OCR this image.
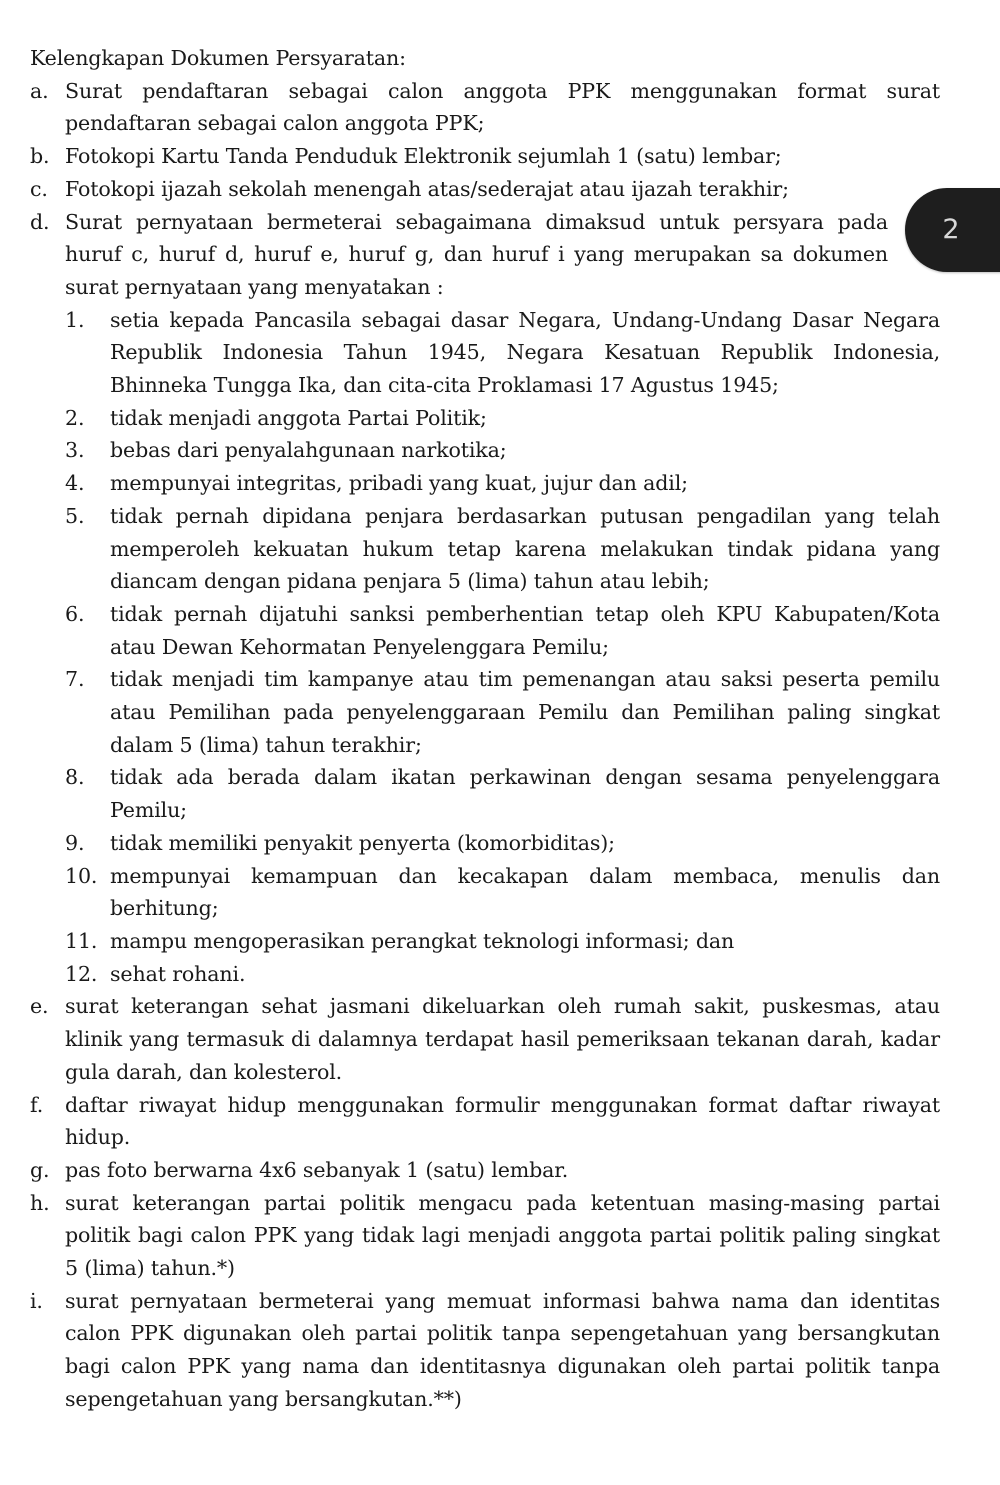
Kelengkapan Dokumen Persyaratan:

a. Surat pendaftaran sebagai calon anggota PPK menggunakan format surat pendaftaran sebagai calon anggota PPK;
b. Fotokopi Kartu Tanda Penduduk Elektronik sejumlah 1 (satu) lembar;
c. Fotokopi ijazah sekolah menengah atas/sederajat atau ijazah terakhir;
d. Surat pernyataan bermeterai sebagaimana dimaksud untuk persyara pada huruf c, huruf d, huruf e, huruf g, dan huruf i yang merupakan sa dokumen surat pernyataan yang menyatakan :
1.	setia kepada Pancasila sebagai dasar Negara, Undang-Undang Dasar Negara Republik Indonesia Tahun 1945, Negara Kesatuan Republik Indonesia, Bhinneka Tungga Ika, dan cita-cita Proklamasi 17 Agustus 1945;
2.	tidak menjadi anggota Partai Politik;
3.	bebas dari penyalahgunaan narkotika;
4.	mempunyai integritas, pribadi yang kuat, jujur dan adil;
5.	tidak pernah dipidana penjara berdasarkan putusan pengadilan yang telah memperoleh kekuatan hukum tetap karena melakukan tindak pidana yang diancam dengan pidana penjara 5 (lima) tahun atau lebih;
6.	tidak pernah dijatuhi sanksi pemberhentian tetap oleh KPU Kabupaten/Kota atau Dewan Kehormatan Penyelenggara Pemilu;
7.	tidak menjadi tim kampanye atau tim pemenangan atau saksi peserta pemilu atau Pemilihan pada penyelenggaraan Pemilu dan Pemilihan paling singkat dalam 5 (lima) tahun terakhir;
8.	tidak ada berada dalam ikatan perkawinan dengan sesama penyelenggara Pemilu;
9.	tidak memiliki penyakit penyerta (komorbiditas);
10. mempunyai kemampuan dan kecakapan dalam membaca, menulis dan berhitung;
11. mampu mengoperasikan perangkat teknologi informasi; dan
12. sehat rohani.
e. surat keterangan sehat jasmani dikeluarkan oleh rumah sakit, puskesmas, atau klinik yang termasuk di dalamnya terdapat hasil pemeriksaan tekanan darah, kadar gula darah, dan kolesterol.
f.	daftar riwayat hidup menggunakan formulir menggunakan format daftar riwayat hidup.
g. pas foto berwarna 4x6 sebanyak 1 (satu) lembar.
h. surat keterangan partai politik mengacu pada ketentuan masing-masing partai politik bagi calon PPK yang tidak lagi menjadi anggota partai politik paling singkat 5 (lima) tahun.*)
i.	surat pernyataan bermeterai yang memuat informasi bahwa nama dan identitas calon PPK digunakan oleh partai politik tanpa sepengetahuan yang bersangkutan bagi calon PPK yang nama dan identitasnya digunakan oleh partai politik tanpa sepengetahuan yang bersangkutan.**)
2
